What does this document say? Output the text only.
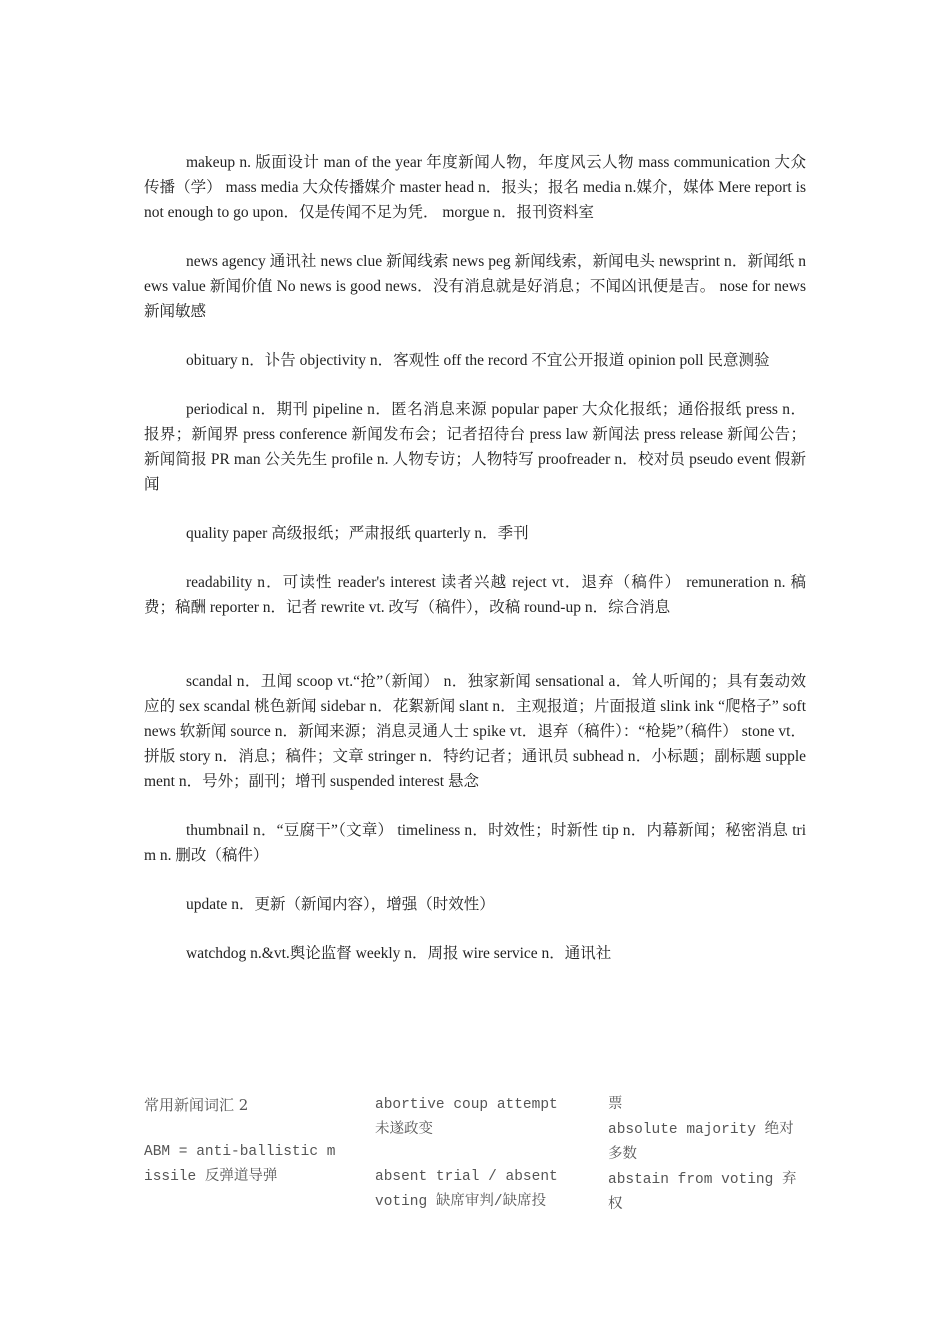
makeup n. 版面设计 man of the year 年度新闻人物，年度风云人物 mass communication 大众传播（学） mass media 大众传播媒介 master head n．报头；报名 media n.媒介，媒体 Mere report is not enough to go upon．仅是传闻不足为凭． morgue n．报刊资料室

news agency 通讯社 news clue 新闻线索 news peg 新闻线索，新闻电头 newsprint n．新闻纸 news value 新闻价值 No news is good news．没有消息就是好消息；不闻凶讯便是吉。 nose for news 新闻敏感

obituary n．讣告 objectivity n．客观性 off the record 不宜公开报道 opinion poll 民意测验

periodical n．期刊 pipeline n．匿名消息来源 popular paper 大众化报纸；通俗报纸 press n．报界；新闻界 press conference 新闻发布会；记者招待台 press law 新闻法 press release 新闻公告；新闻简报 PR man 公关先生 profile n. 人物专访；人物特写 proofreader n．校对员 pseudo event 假新闻

quality paper 高级报纸；严肃报纸 quarterly n．季刊

readability n．可读性 reader's interest 读者兴越 reject vt．退弃（稿件） remuneration n. 稿费；稿酬 reporter n．记者 rewrite vt. 改写（稿件），改稿 round-up n．综合消息

scandal n．丑闻 scoop vt.“抢”（新闻） n．独家新闻 sensational a．耸人听闻的；具有轰动效应的 sex scandal 桃色新闻 sidebar n．花絮新闻 slant n．主观报道；片面报道 slink ink “爬格子” soft news 软新闻 source n．新闻来源；消息灵通人士 spike vt．退弃（稿件）：“枪毙”（稿件） stone vt．拼版 story n．消息；稿件；文章 stringer n．特约记者；通讯员 subhead n．小标题；副标题 supplement n．号外；副刊；增刊 suspended interest 悬念

thumbnail n．“豆腐干”（文章） timeliness n．时效性；时新性 tip n．内幕新闻；秘密消息 trim n. 删改（稿件）

update n．更新（新闻内容），增强（时效性）

watchdog n.&vt.舆论监督 weekly n．周报 wire service n．通讯社

常用新闻词汇 2

ABM = anti-ballistic missile 反弹道导弹

abortive coup attempt 未遂政变

absent trial / absent voting 缺席审判/缺席投

票

absolute majority 绝对多数

abstain from voting 弃权
